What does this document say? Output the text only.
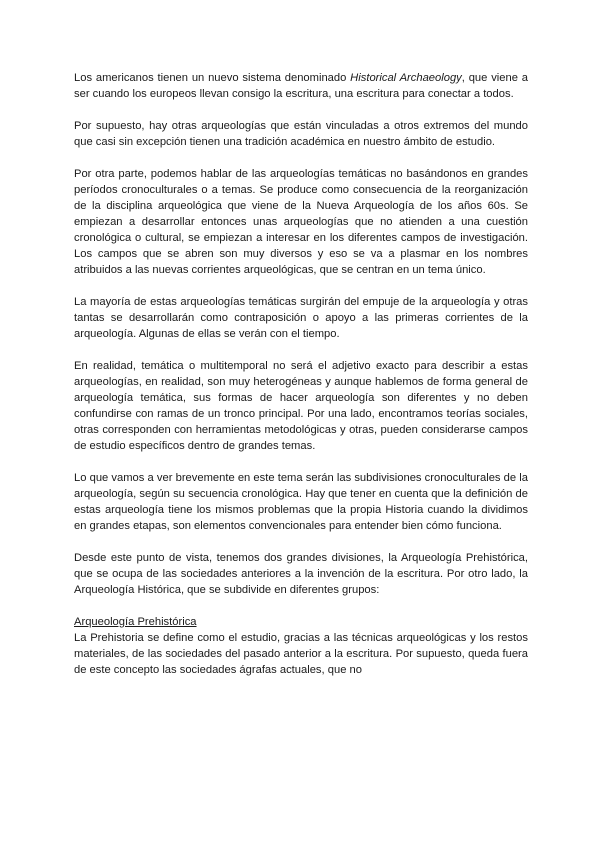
Los americanos tienen un nuevo sistema denominado Historical Archaeology, que viene a ser cuando los europeos llevan consigo la escritura, una escritura para conectar a todos.

Por supuesto, hay otras arqueologías que están vinculadas a otros extremos del mundo que casi sin excepción tienen una tradición académica en nuestro ámbito de estudio.

Por otra parte, podemos hablar de las arqueologías temáticas no basándonos en grandes períodos cronoculturales o a temas. Se produce como consecuencia de la reorganización de la disciplina arqueológica que viene de la Nueva Arqueología de los años 60s. Se empiezan a desarrollar entonces unas arqueologías que no atienden a una cuestión cronológica o cultural, se empiezan a interesar en los diferentes campos de investigación. Los campos que se abren son muy diversos y eso se va a plasmar en los nombres atribuidos a las nuevas corrientes arqueológicas, que se centran en un tema único.

La mayoría de estas arqueologías temáticas surgirán del empuje de la arqueología y otras tantas se desarrollarán como contraposición o apoyo a las primeras corrientes de la arqueología. Algunas de ellas se verán con el tiempo.

En realidad, temática o multitemporal no será el adjetivo exacto para describir a estas arqueologías, en realidad, son muy heterogéneas y aunque hablemos de forma general de arqueología temática, sus formas de hacer arqueología son diferentes y no deben confundirse con ramas de un tronco principal. Por una lado, encontramos teorías sociales, otras corresponden con herramientas metodológicas y otras, pueden considerarse campos de estudio específicos dentro de grandes temas.

Lo que vamos a ver brevemente en este tema serán las subdivisiones cronoculturales de la arqueología, según su secuencia cronológica. Hay que tener en cuenta que la definición de estas arqueología tiene los mismos problemas que la propia Historia cuando la dividimos en grandes etapas, son elementos convencionales para entender bien cómo funciona.

Desde este punto de vista, tenemos dos grandes divisiones, la Arqueología Prehistórica, que se ocupa de las sociedades anteriores a la invención de la escritura. Por otro lado, la Arqueología Histórica, que se subdivide en diferentes grupos:

Arqueología Prehistórica

La Prehistoria se define como el estudio, gracias a las técnicas arqueológicas y los restos materiales, de las sociedades del pasado anterior a la escritura. Por supuesto, queda fuera de este concepto las sociedades ágrafas actuales, que no
